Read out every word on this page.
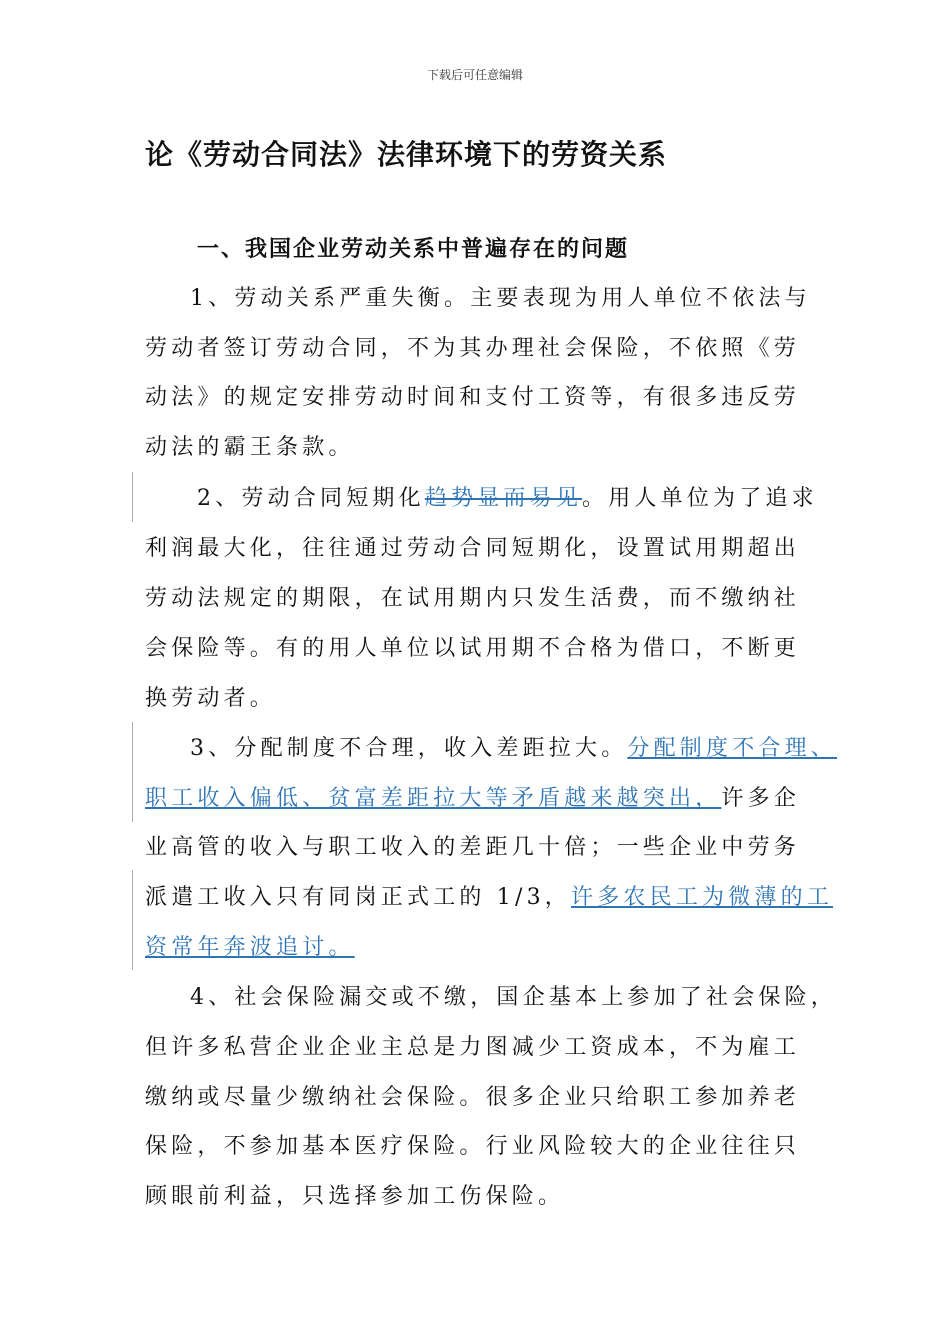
下载后可任意编辑
论《劳动合同法》法律环境下的劳资关系
一、我国企业劳动关系中普遍存在的问题
1、劳动关系严重失衡。主要表现为用人单位不依法与
劳动者签订劳动合同，不为其办理社会保险，不依照《劳
动法》的规定安排劳动时间和支付工资等，有很多违反劳
动法的霸王条款。
2、劳动合同短期化趋势显而易见。用人单位为了追求
利润最大化，往往通过劳动合同短期化，设置试用期超出
劳动法规定的期限，在试用期内只发生活费，而不缴纳社
会保险等。有的用人单位以试用期不合格为借口，不断更
换劳动者。
3、分配制度不合理，收入差距拉大。分配制度不合理、
职工收入偏低、贫富差距拉大等矛盾越来越突出，许多企
业高管的收入与职工收入的差距几十倍；一些企业中劳务
派遣工收入只有同岗正式工的 1/3，许多农民工为微薄的工
资常年奔波追讨。
4、社会保险漏交或不缴，国企基本上参加了社会保险，
但许多私营企业企业主总是力图减少工资成本，不为雇工
缴纳或尽量少缴纳社会保险。很多企业只给职工参加养老
保险，不参加基本医疗保险。行业风险较大的企业往往只
顾眼前利益，只选择参加工伤保险。
